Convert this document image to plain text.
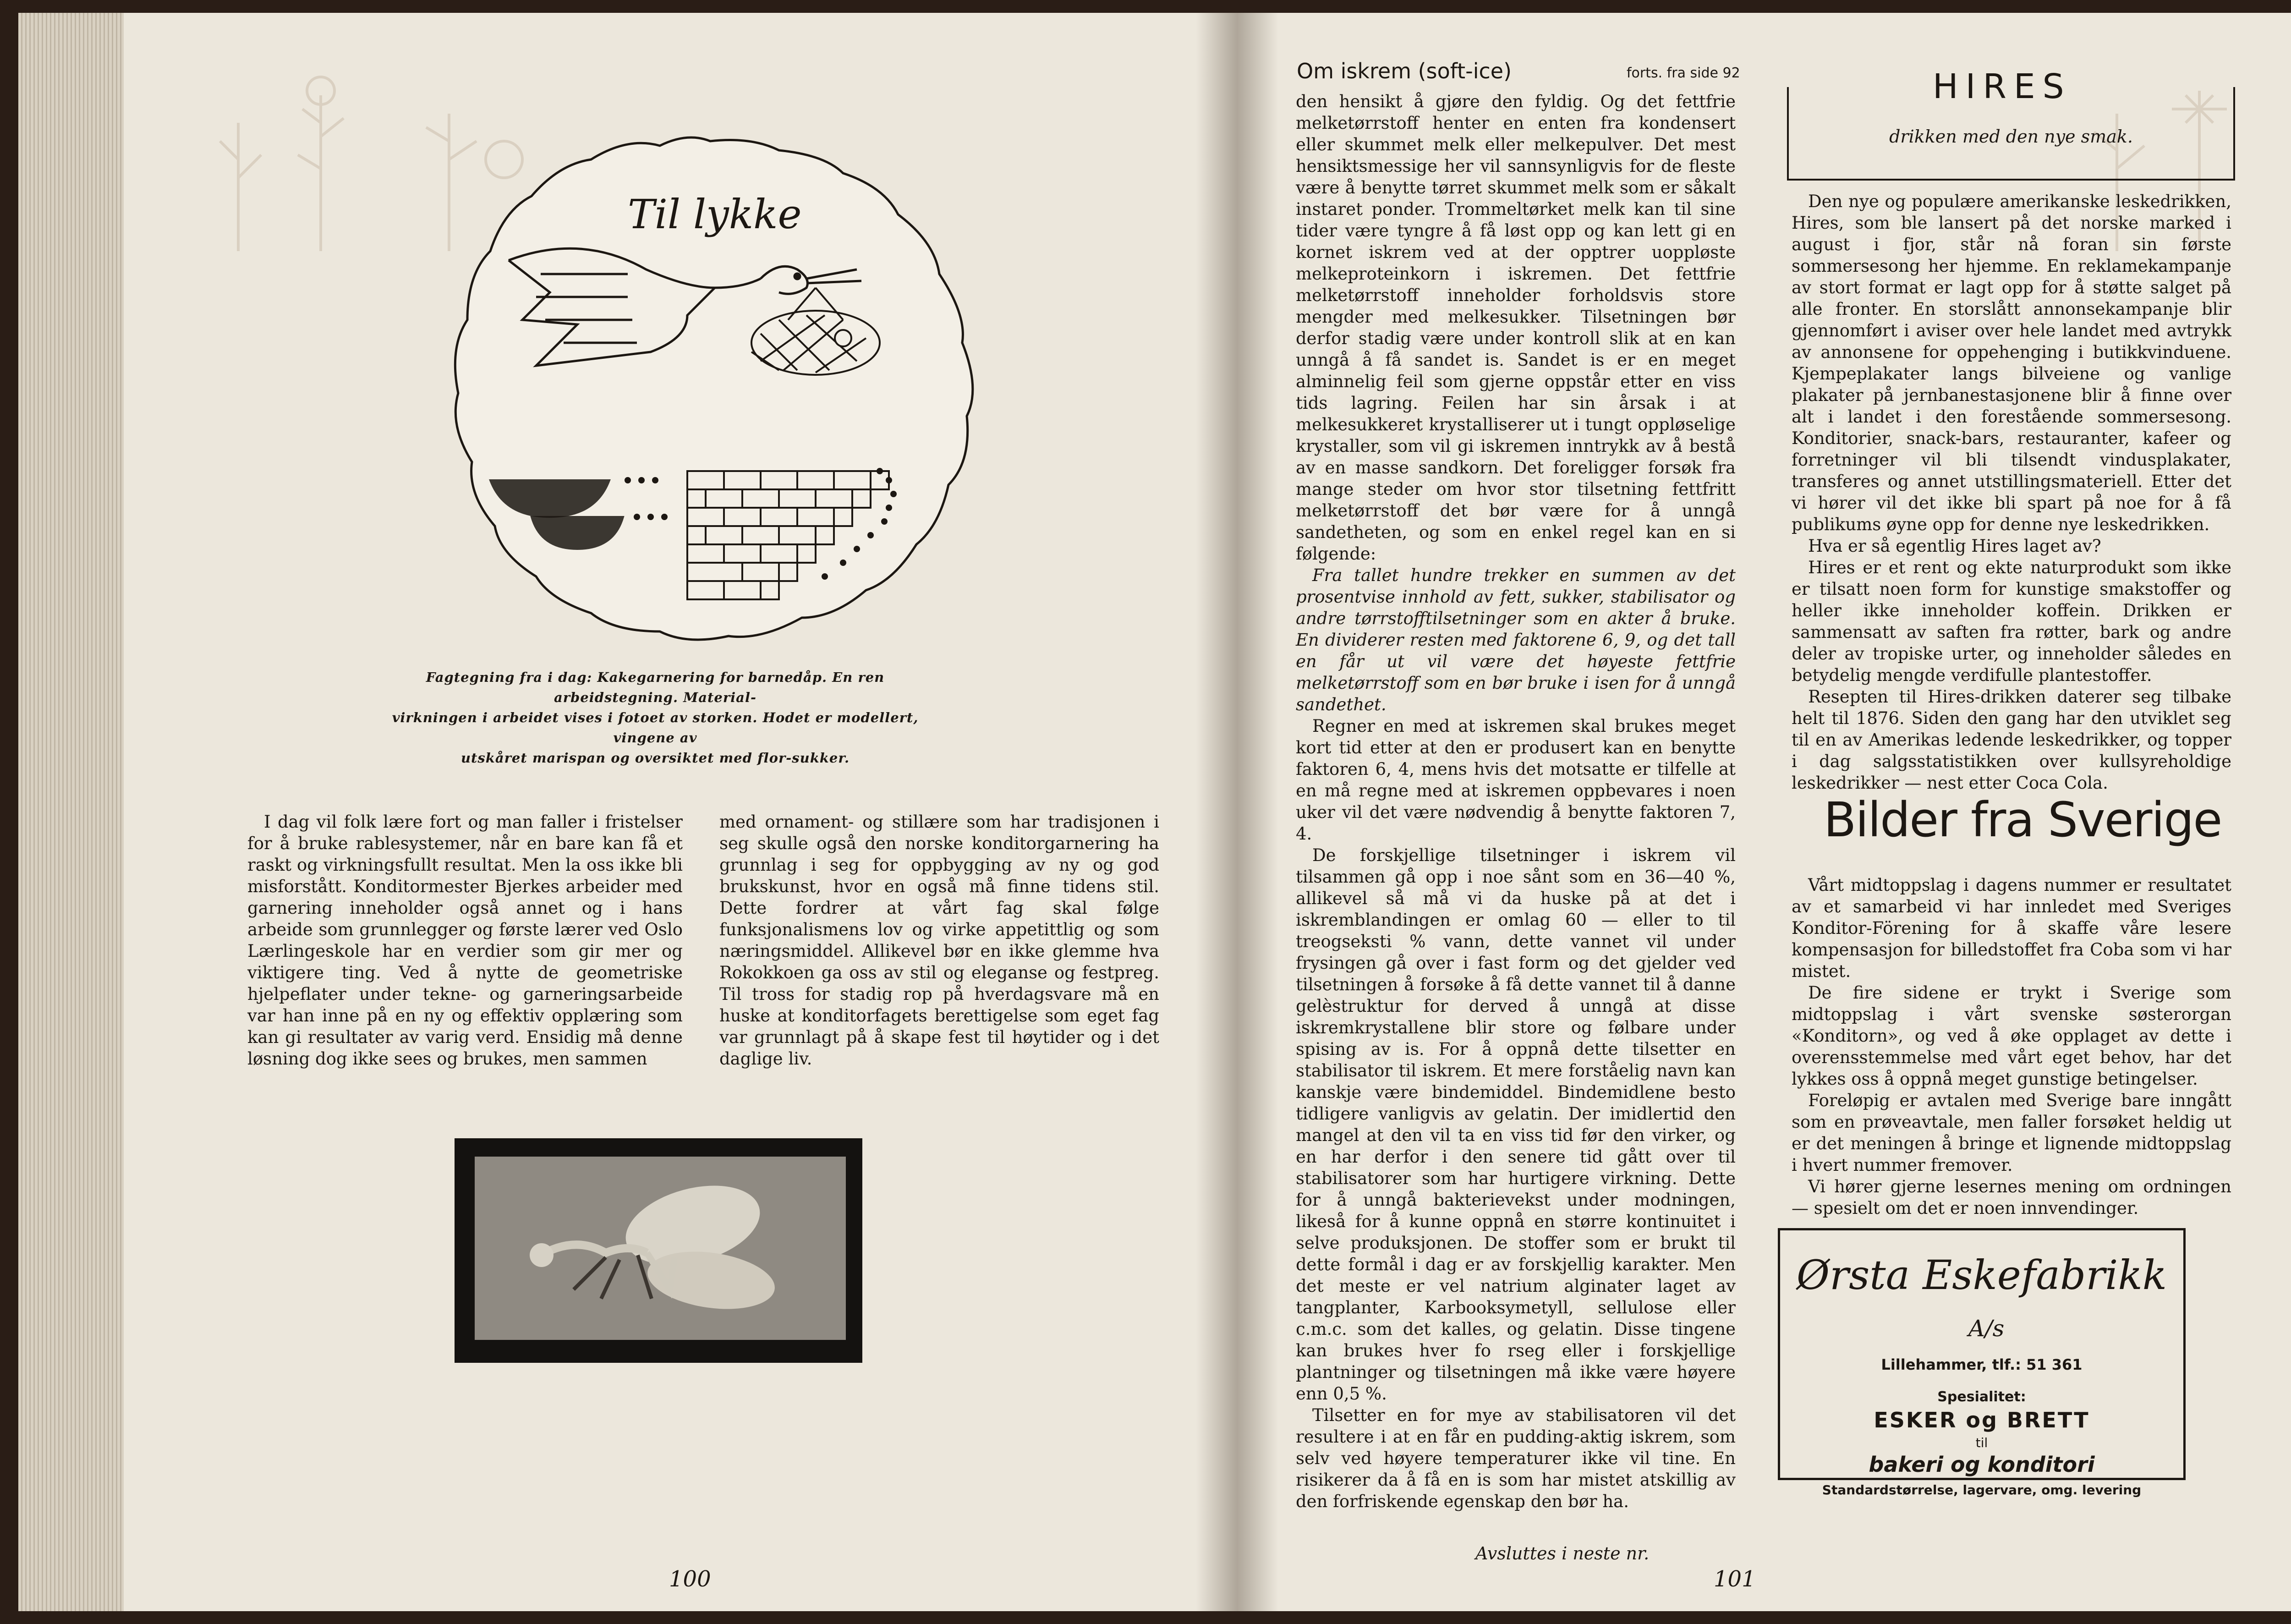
Til lykke
Fagtegning fra i dag: Kakegarnering for barnedåp. En ren arbeidstegning. Material-
virkningen i arbeidet vises i fotoet av storken. Hodet er modellert, vingene av
utskåret marispan og oversiktet med flor-sukker.

I dag vil folk lære fort og man faller i fristelser for å bruke rablesystemer, når en bare kan få et raskt og virkningsfullt resultat. Men la oss ikke bli misforstått. Konditormester Bjerkes arbeider med garnering inneholder også annet og i hans arbeide som grunnlegger og første lærer ved Oslo Lærlingeskole har en verdier som gir mer og viktigere ting. Ved å nytte de geometriske hjelpeflater under tekne- og garneringsarbeide var han inne på en ny og effektiv opplæring som kan gi resultater av varig verd. Ensidig må denne løsning dog ikke sees og brukes, men sammen

med ornament- og stillære som har tradisjonen i seg skulle også den norske konditorgarnering ha grunnlag i seg for oppbygging av ny og god brukskunst, hvor en også må finne tidens stil. Dette fordrer at vårt fag skal følge funksjonalismens lov og virke appetittlig og som næringsmiddel. Allikevel bør en ikke glemme hva Rokokkoen ga oss av stil og eleganse og festpreg. Til tross for stadig rop på hverdagsvare må en huske at konditorfagets berettigelse som eget fag var grunnlagt på å skape fest til høytider og i det daglige liv.

100
Om iskrem (soft-ice)	forts. fra side 92

den hensikt å gjøre den fyldig. Og det fettfrie melketørrstoff henter en enten fra kondensert eller skummet melk eller melkepulver. Det mest hensiktsmessige her vil sannsynligvis for de fleste være å benytte tørret skummet melk som er såkalt instaret ponder. Trommeltørket melk kan til sine tider være tyngre å få løst opp og kan lett gi en kornet iskrem ved at der opptrer uoppløste melkeproteinkorn i iskremen. Det fettfrie melketørrstoff inneholder forholdsvis store mengder med melkesukker. Tilsetningen bør derfor stadig være under kontroll slik at en kan unngå å få sandet is. Sandet is er en meget alminnelig feil som gjerne oppstår etter en viss tids lagring. Feilen har sin årsak i at melkesukkeret krystalliserer ut i tungt oppløselige krystaller, som vil gi iskremen inntrykk av å bestå av en masse sandkorn. Det foreligger forsøk fra mange steder om hvor stor tilsetning fettfritt melketørrstoff det bør være for å unngå sandetheten, og som en enkel regel kan en si følgende:

Fra tallet hundre trekker en summen av det prosentvise innhold av fett, sukker, stabilisator og andre tørrstofftilsetninger som en akter å bruke. En dividerer resten med faktorene 6, 9, og det tall en får ut vil være det høyeste fettfrie melketørrstoff som en bør bruke i isen for å unngå sandethet.

Regner en med at iskremen skal brukes meget kort tid etter at den er produsert kan en benytte faktoren 6, 4, mens hvis det motsatte er tilfelle at en må regne med at iskremen oppbevares i noen uker vil det være nødvendig å benytte faktoren 7, 4.

De forskjellige tilsetninger i iskrem vil tilsammen gå opp i noe sånt som en 36—40 %, allikevel så må vi da huske på at det i iskremblandingen er omlag 60 — eller to til treogseksti % vann, dette vannet vil under frysingen gå over i fast form og det gjelder ved tilsetningen å forsøke å få dette vannet til å danne gelèstruktur for derved å unngå at disse iskremkrystallene blir store og følbare under spising av is. For å oppnå dette tilsetter en stabilisator til iskrem. Et mere forståelig navn kan kanskje være bindemiddel. Bindemidlene besto tidligere vanligvis av gelatin. Der imidlertid den mangel at den vil ta en viss tid før den virker, og en har derfor i den senere tid gått over til stabilisatorer som har hurtigere virkning. Dette for å unngå bakterievekst under modningen, likeså for å kunne oppnå en større kontinuitet i selve produksjonen. De stoffer som er brukt til dette formål i dag er av forskjellig karakter. Men det meste er vel natrium alginater laget av tangplanter, Karbooksymetyll, sellulose eller c.m.c. som det kalles, og gelatin. Disse tingene kan brukes hver fo rseg eller i forskjellige plantninger og tilsetningen må ikke være høyere enn 0,5 %.

Tilsetter en for mye av stabilisatoren vil det resultere i at en får en pudding-aktig iskrem, som selv ved høyere temperaturer ikke vil tine. En risikerer da å få en is som har mistet atskillig av den forfriskende egenskap den bør ha.

Avsluttes i neste nr.
HIRES
drikken med den nye smak.

Den nye og populære amerikanske leskedrikken, Hires, som ble lansert på det norske marked i august i fjor, står nå foran sin første sommersesong her hjemme. En reklamekampanje av stort format er lagt opp for å støtte salget på alle fronter. En storslått annonsekampanje blir gjennomført i aviser over hele landet med avtrykk av annonsene for oppehenging i butikkvinduene. Kjempeplakater langs bilveiene og vanlige plakater på jernbanestasjonene blir å finne over alt i landet i den forestående sommersesong. Konditorier, snack-bars, restauranter, kafeer og forretninger vil bli tilsendt vindusplakater, transferes og annet utstillingsmateriell. Etter det vi hører vil det ikke bli spart på noe for å få publikums øyne opp for denne nye leskedrikken.

Hva er så egentlig Hires laget av?

Hires er et rent og ekte naturprodukt som ikke er tilsatt noen form for kunstige smakstoffer og heller ikke inneholder koffein. Drikken er sammensatt av saften fra røtter, bark og andre deler av tropiske urter, og inneholder således en betydelig mengde verdifulle plantestoffer.

Resepten til Hires-drikken daterer seg tilbake helt til 1876. Siden den gang har den utviklet seg til en av Amerikas ledende leskedrikker, og topper i dag salgsstatistikken over kullsyreholdige leskedrikker — nest etter Coca Cola.

Bilder fra Sverige

Vårt midtoppslag i dagens nummer er resultatet av et samarbeid vi har innledet med Sveriges Konditor-Förening for å skaffe våre lesere kompensasjon for billedstoffet fra Coba som vi har mistet.

De fire sidene er trykt i Sverige som midtoppslag i vårt svenske søsterorgan «Konditorn», og ved å øke opplaget av dette i overensstemmelse med vårt eget behov, har det lykkes oss å oppnå meget gunstige betingelser.

Foreløpig er avtalen med Sverige bare inngått som en prøveavtale, men faller forsøket heldig ut er det meningen å bringe et lignende midtoppslag i hvert nummer fremover.

Vi hører gjerne lesernes mening om ordningen — spesielt om det er noen innvendinger.

Ørsta Eskefabrikk A/s
Lillehammer, tlf.: 51 361
Spesialitet:
ESKER og BRETT
til
bakeri og konditori
Standardstørrelse, lagervare, omg. levering
101
